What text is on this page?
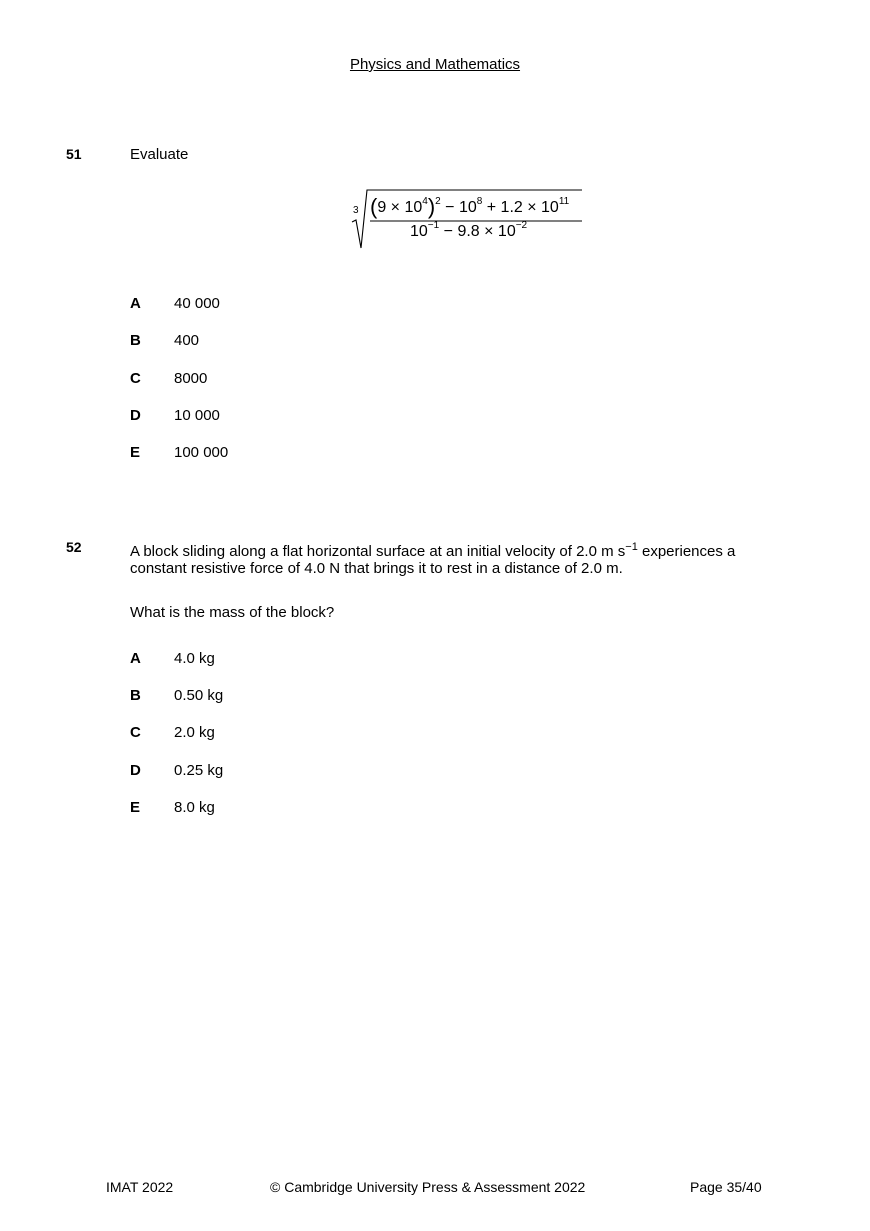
Physics and Mathematics
51	Evaluate
3 $(9 \times 10^4)^2 - 10^8 + 1.2 \times 10^{11}$
$10^{-1} - 9.8 \times 10^{-2}$
A 40 000
B 400
C 8000
D 10 000
E 100 000
52	A block sliding along a flat horizontal surface at an initial velocity of 2.0 m $s^{-1}$ experiences a constant resistive force of 4.0 N that brings it to rest in a distance of 2.0 m.
What is the mass of the block?
A 4.0 kg
B 0.50 kg
C 2.0 kg
D 0.25 kg
E 8.0 kg
IMAT 2022	© Cambridge University Press & Assessment 2022	Page 35/40
